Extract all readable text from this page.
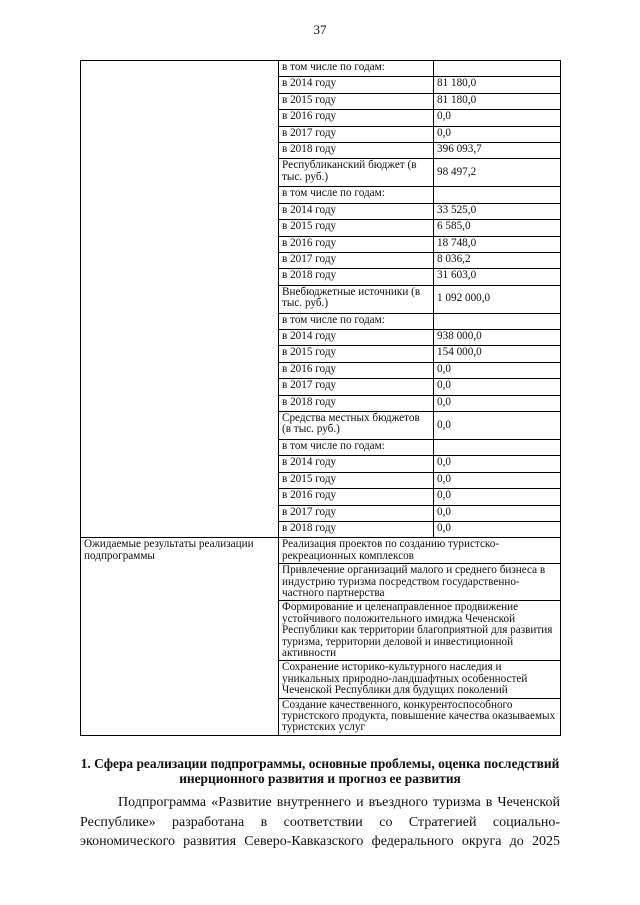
37
	в том числе по годам:	
	в 2014 году	81 180,0
	в 2015 году	81 180,0
	в 2016 году	0,0
	в 2017 году	0,0
	в 2018 году	396 093,7
	Республиканский бюджет (в тыс. руб.)	98 497,2
	в том числе по годам:	
	в 2014 году	33 525,0
	в 2015 году	6 585,0
	в 2016 году	18 748,0
	в 2017 году	8 036,2
	в 2018 году	31 603,0
	Внебюджетные источники (в тыс. руб.)	1 092 000,0
	в том числе по годам:	
	в 2014 году	938 000,0
	в 2015 году	154 000,0
	в 2016 году	0,0
	в 2017 году	0,0
	в 2018 году	0,0
	Средства местных бюджетов (в тыс. руб.)	0,0
	в том числе по годам:	
	в 2014 году	0,0
	в 2015 году	0,0
	в 2016 году	0,0
	в 2017 году	0,0
	в 2018 году	0,0
Ожидаемые результаты реализации подпрограммы	Реализация проектов по созданию туристско-рекреационных комплексов	
	Привлечение организаций малого и среднего бизнеса в индустрию туризма посредством государственно-частного партнерства	
	Формирование и целенаправленное продвижение устойчивого положительного имиджа Чеченской Республики как территории благоприятной для развития туризма, территории деловой и инвестиционной активности	
	Сохранение историко-культурного наследия и уникальных природно-ландшафтных особенностей Чеченской Республики для будущих поколений	
	Создание качественного, конкурентоспособного туристского продукта, повышение качества оказываемых туристских услуг	
1. Сфера реализации подпрограммы, основные проблемы, оценка последствий инерционного развития и прогноз ее развития
Подпрограмма «Развитие внутреннего и въездного туризма в Чеченской
Республике» разработана в соответствии со Стратегией социально-
экономического развития Северо-Кавказского федерального округа до 2025
